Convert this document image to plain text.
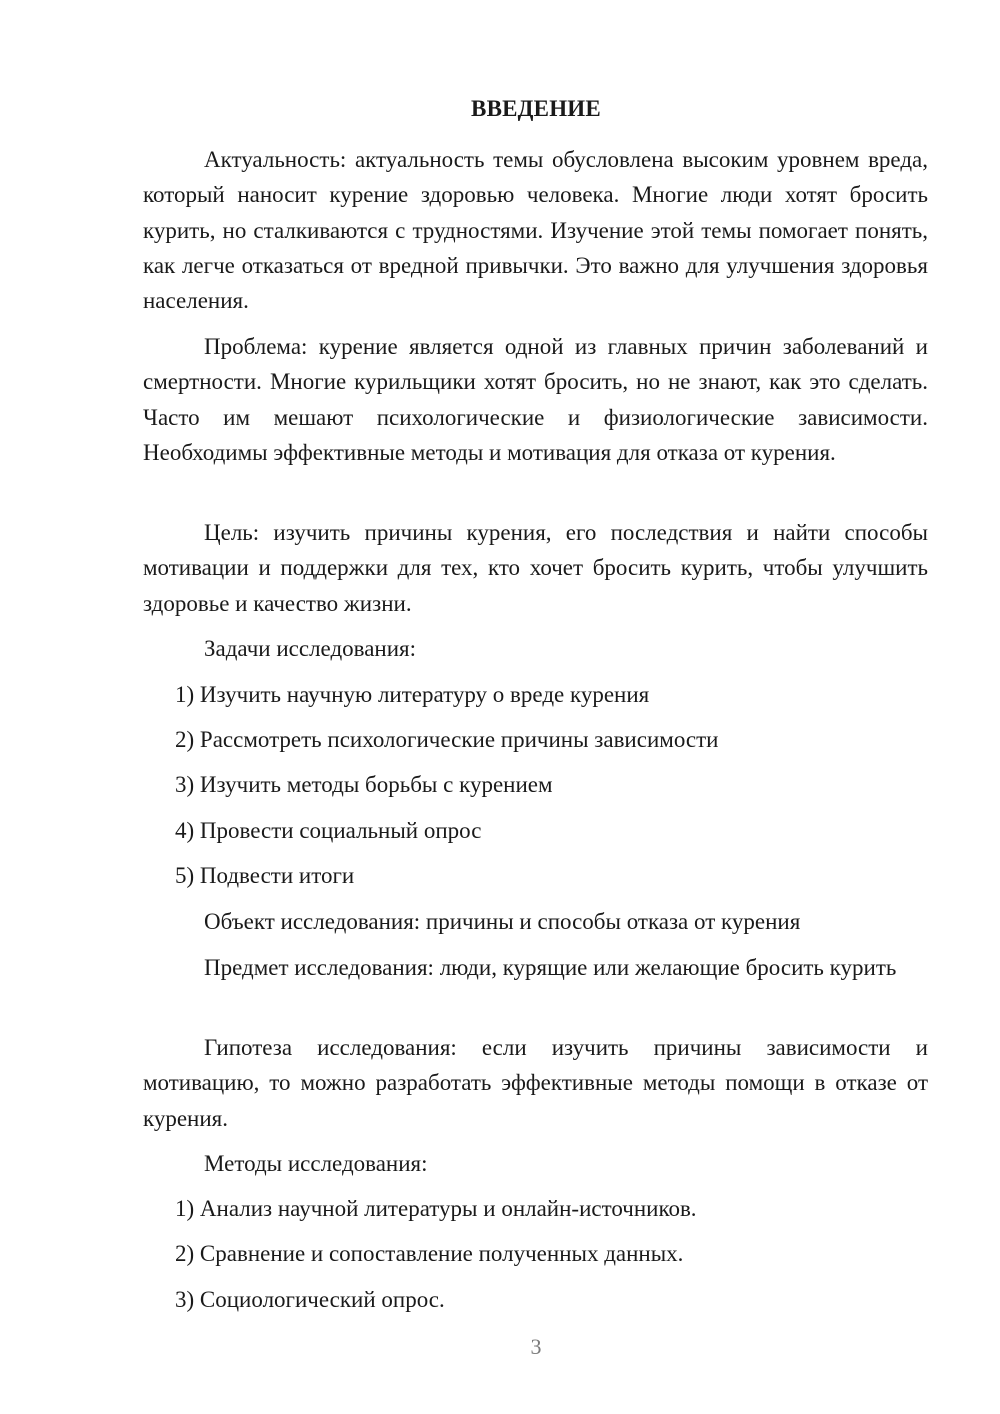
ВВЕДЕНИЕ

Актуальность: актуальность темы обусловлена высоким уровнем вреда, который наносит курение здоровью человека. Многие люди хотят бросить курить, но сталкиваются с трудностями. Изучение этой темы помогает понять, как легче отказаться от вредной привычки. Это важно для улучшения здоровья населения.

Проблема: курение является одной из главных причин заболеваний и смертности. Многие курильщики хотят бросить, но не знают, как это сделать. Часто им мешают психологические и физиологические зависимости. Необходимы эффективные методы и мотивация для отказа от курения.

Цель: изучить причины курения, его последствия и найти способы мотивации и поддержки для тех, кто хочет бросить курить, чтобы улучшить здоровье и качество жизни.

Задачи исследования:

1) Изучить научную литературу о вреде курения

2) Рассмотреть психологические причины зависимости

3) Изучить методы борьбы с курением

4) Провести социальный опрос

5) Подвести итоги

Объект исследования: причины и способы отказа от курения

Предмет исследования: люди, курящие или желающие бросить курить

Гипотеза исследования: если изучить причины зависимости и мотивацию, то можно разработать эффективные методы помощи в отказе от курения.

Методы исследования:

1) Анализ научной литературы и онлайн-источников.

2) Сравнение и сопоставление полученных данных.

3) Социологический опрос.

3
